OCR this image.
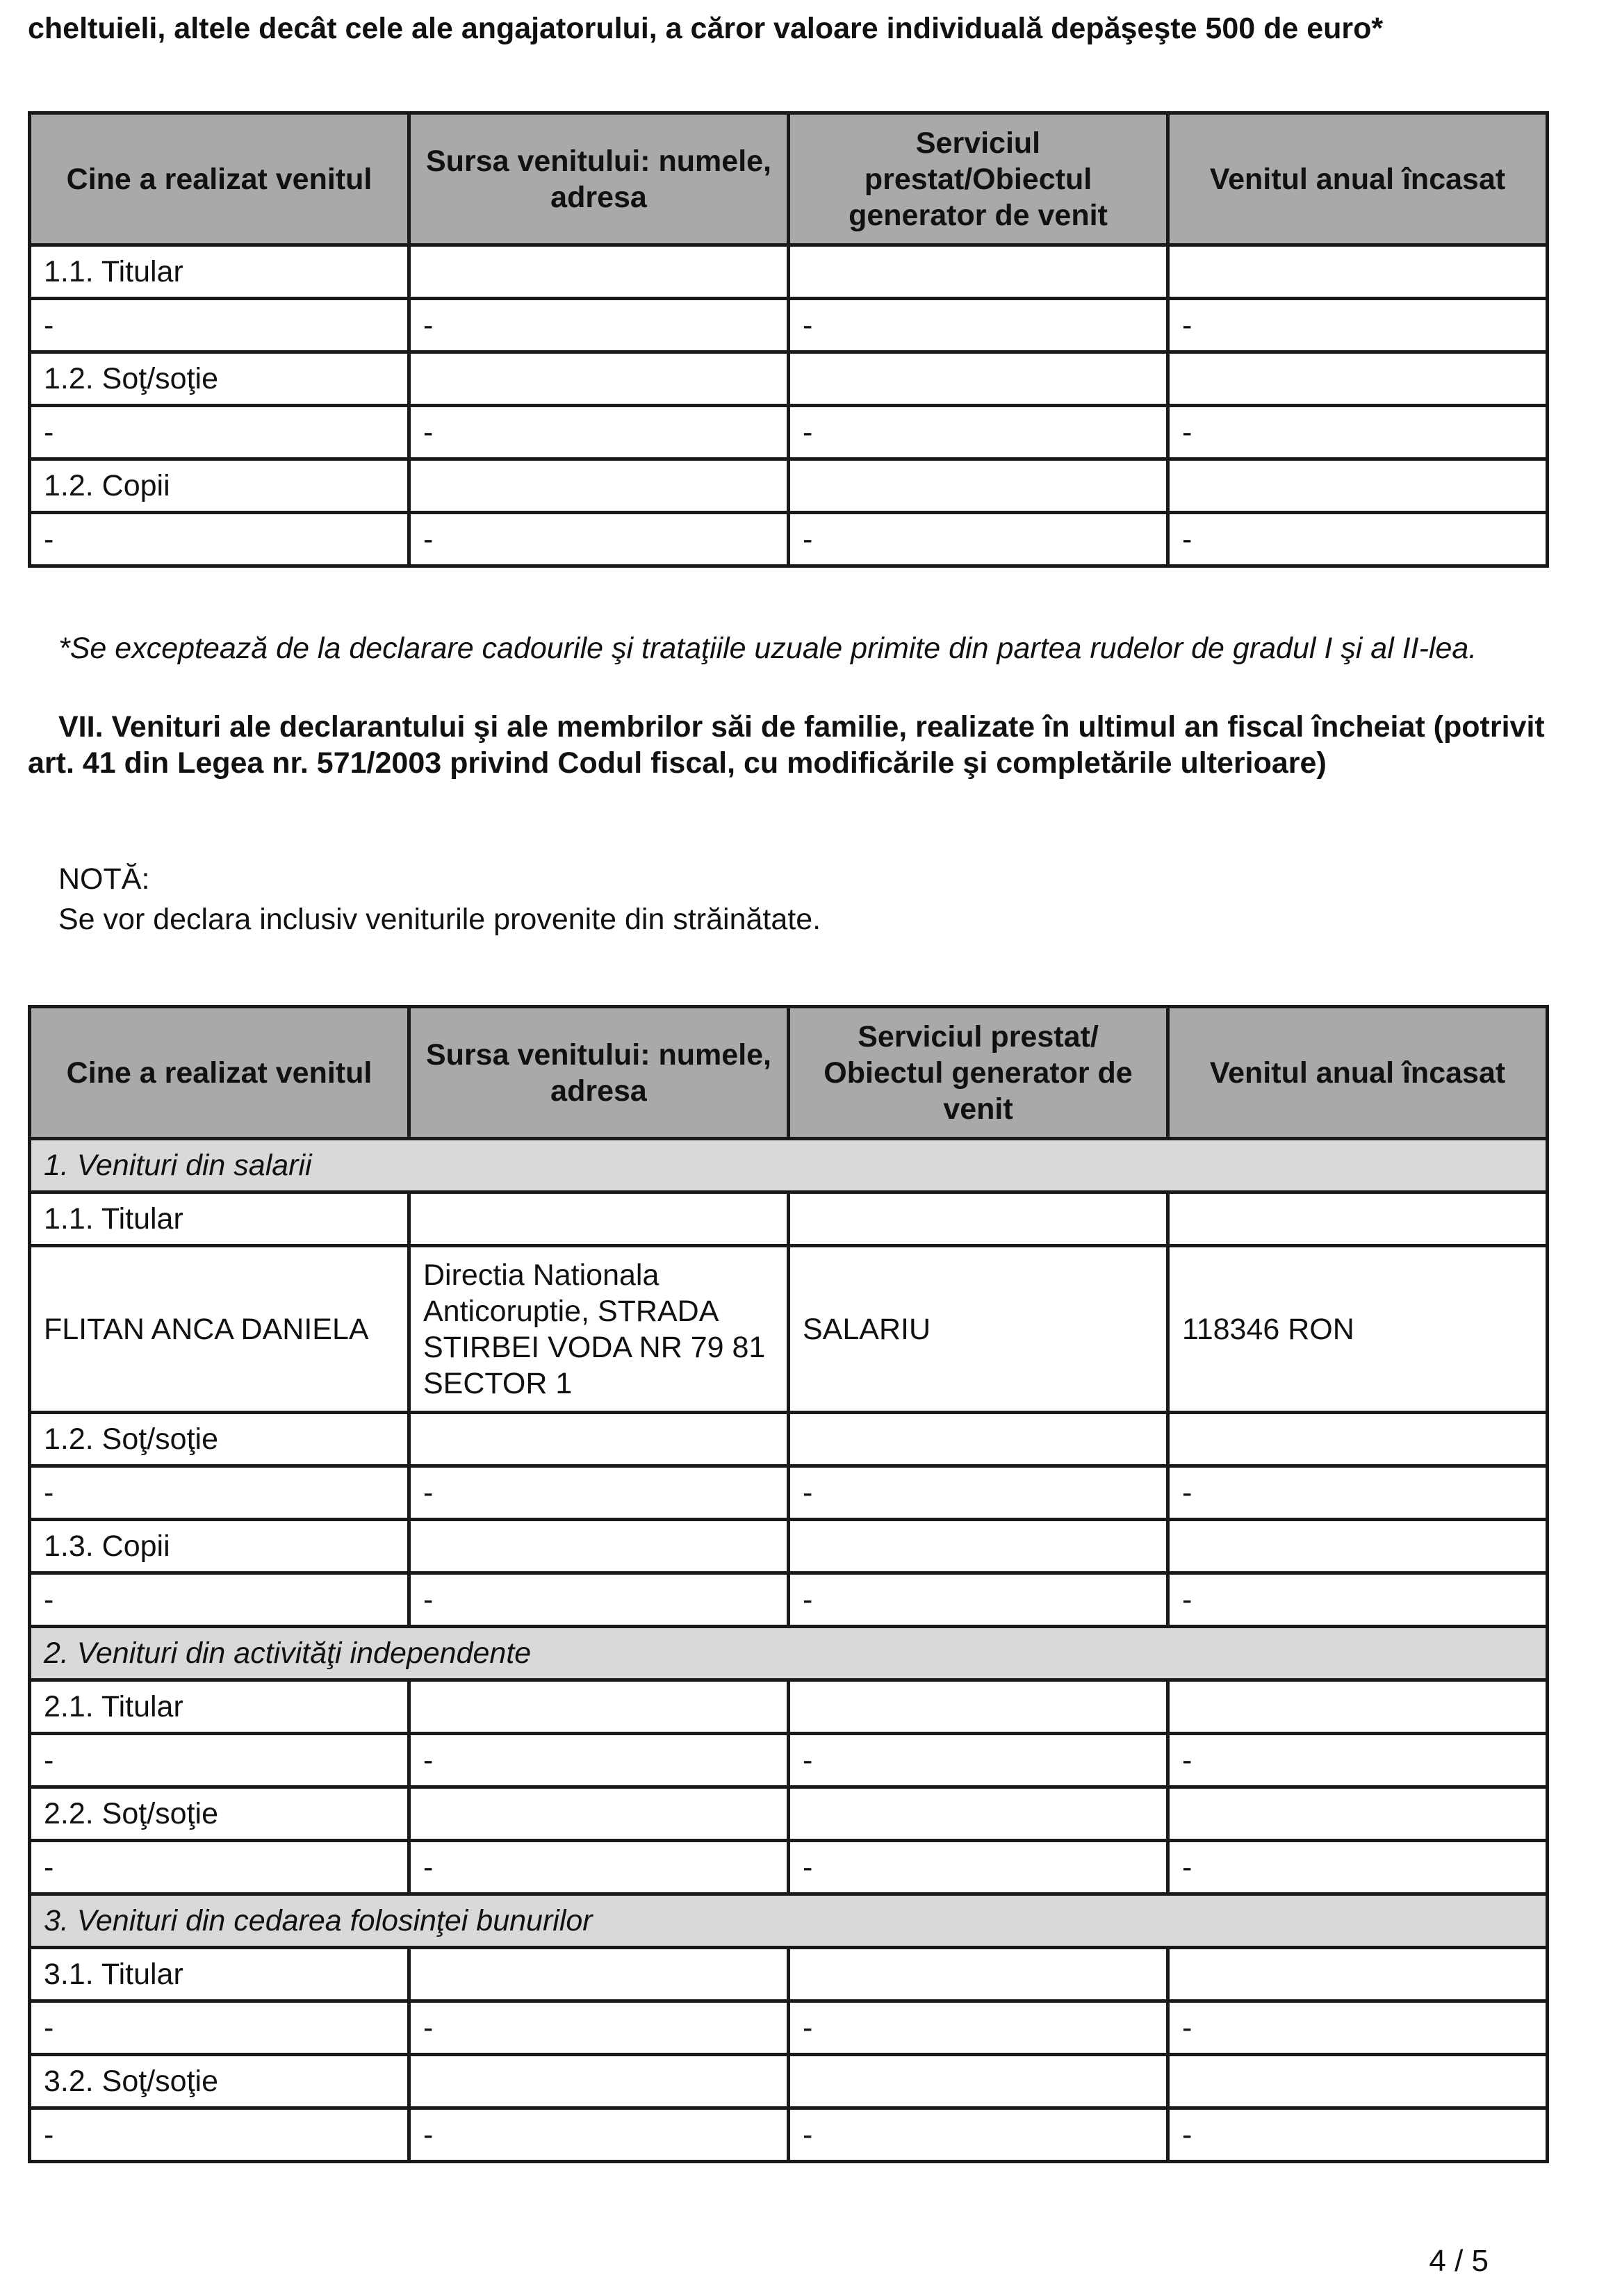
cheltuieli, altele decât cele ale angajatorului, a căror valoare individuală depăşeşte 500 de euro*
Cine a realizat venitul	Sursa venitului: numele, adresa	Serviciul prestat/Obiectul generator de venit	Venitul anual încasat
1.1. Titular			
-	-	-	-
1.2. Soţ/soţie			
-	-	-	-
1.2. Copii			
-	-	-	-
*Se exceptează de la declarare cadourile şi trataţiile uzuale primite din partea rudelor de gradul I şi al II-lea.
VII. Venituri ale declarantului şi ale membrilor săi de familie, realizate în ultimul an fiscal încheiat (potrivit art. 41 din Legea nr. 571/2003 privind Codul fiscal, cu modificările şi completările ulterioare)
NOTĂ:
Se vor declara inclusiv veniturile provenite din străinătate.
Cine a realizat venitul	Sursa venitului: numele, adresa	Serviciul prestat/ Obiectul generator de venit	Venitul anual încasat
1. Venituri din salarii			
1.1. Titular			
FLITAN ANCA DANIELA	Directia Nationala Anticoruptie, STRADA STIRBEI VODA NR 79 81 SECTOR 1	SALARIU	118346 RON
1.2. Soţ/soţie			
-	-	-	-
1.3. Copii			
-	-	-	-
2. Venituri din activităţi independente			
2.1. Titular			
-	-	-	-
2.2. Soţ/soţie			
-	-	-	-
3. Venituri din cedarea folosinţei bunurilor			
3.1. Titular			
-	-	-	-
3.2. Soţ/soţie			
-	-	-	-
4 / 5
